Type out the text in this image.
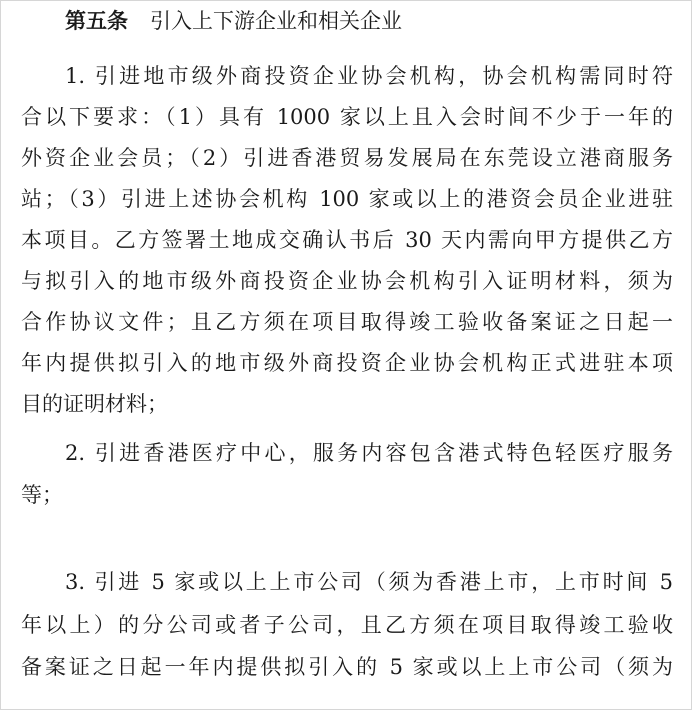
第五条 引入上下游企业和相关企业
1. 引进地市级外商投资企业协会机构，协会机构需同时符
合以下要求：（1）具有 1000 家以上且入会时间不少于一年的
外资企业会员；（2）引进香港贸易发展局在东莞设立港商服务
站；（3）引进上述协会机构 100 家或以上的港资会员企业进驻
本项目。乙方签署土地成交确认书后 30 天内需向甲方提供乙方
与拟引入的地市级外商投资企业协会机构引入证明材料，须为
合作协议文件；且乙方须在项目取得竣工验收备案证之日起一
年内提供拟引入的地市级外商投资企业协会机构正式进驻本项
目的证明材料；
2. 引进香港医疗中心，服务内容包含港式特色轻医疗服务
等；
3. 引进 5 家或以上上市公司（须为香港上市，上市时间 5
年以上）的分公司或者子公司，且乙方须在项目取得竣工验收
备案证之日起一年内提供拟引入的 5 家或以上上市公司（须为
